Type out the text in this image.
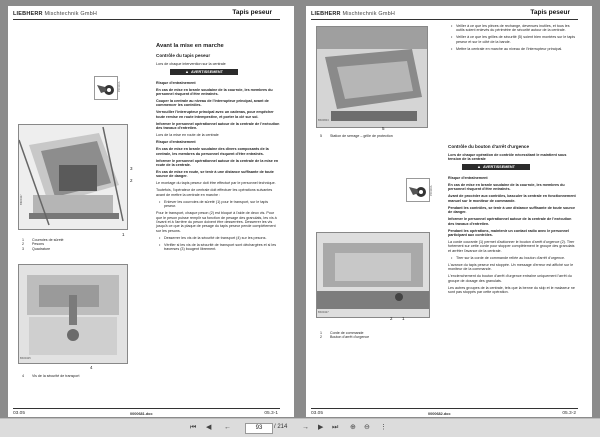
LIEBHERR Mischtechnik GmbH	Tapis peseur
BK00427
3
2
1
1 Courroies de sûreté
2 Pesons
3 Quadrature
BK00425
4
4 Vis de la sécurité de transport
P00110A
Avant la mise en marche
Contrôle du tapis peseur

Lors de chaque intervention sur la centrale

▲ AVERTISSEMENT

Risque d'entraînement

En cas de mise en branle soudaine de la courroie, les membres du personnel risquent d'être entraînés.

Couper la centrale au niveau de l'interrupteur principal, avant de commencer les contrôles.

Verrouiller l'interrupteur principal avec un cadenas, pour empêcher toute remise en route intempestive, et porter la clé sur soi.

Informer le personnel opérationnel autour de la centrale de l'exécution des travaux d'entretien.

Lors de la mise en route de la centrale

Risque d'entraînement

En cas de mise en branle soudaine des divers composants de la centrale, les membres du personnel risquent d'être entraînés.

Informer le personnel opérationnel autour de la centrale de la mise en route de la centrale.

En cas de mise en route, se tenir à une distance suffisante de toute source de danger.

Le montage du tapis peseur doit être effectué par le personnel technique.

Toutefois, l'opérateur de centrale doit effectuer les opérations suivantes avant de mettre la centrale en marche :

• Enlever les courroies de sûreté (1) pour le transport, sur le tapis peseur.

Pour le transport, chaque peson (2) est bloqué à l'aide de deux vis. Pour que le peson puisse remplir sa fonction de pesage des granulats, les vis à l'avant et à l'arrière du peson doivent être desserrées. Desserrer les vis jusqu'à ce que la plaque de pesage du tapis peseur pende complètement sur les pesons.

• Desserrer les vis de la sécurité de transport (4) sur les pesons.

• Vérifier si les vis de la sécurité de transport sont déchargées et si les traverses (3) bougent librement.

03.05	0000681.doc	05.3-1
LIEBHERR Mischtechnik GmbH	Tapis peseur
BK00604
5
5 Station de serrage – grille de protection
BK00427
2 1
1 Corde de commande
2 Bouton d'arrêt d'urgence
P00110A

• Veiller à ce que les pièces de rechange, devenues inutiles, et tous les outils soient enlevés du périmètre de sécurité autour de la centrale.

• Veiller à ce que les grilles de sécurité (5) soient bien montées sur le tapis peseur et sur le côté de la bande.

• Mettre la centrale en marche au niveau de l'interrupteur principal.

Contrôle du bouton d'arrêt d'urgence

Lors de chaque opération de contrôle nécessitant le maintient sous tension de la centrale

▲ AVERTISSEMENT

Risque d'entraînement

En cas de mise en branle soudaine de la courroie, les membres du personnel risquent d'être entraînés.

Avant de procéder aux contrôles, basculer la centrale en fonctionnement manuel sur le moniteur de commande.

Pendant les contrôles, se tenir à une distance suffisante de toute source de danger.

Informer le personnel opérationnel autour de la centrale de l'exécution des travaux d'entretien.

Pendant les opérations, maintenir un contact radio avec le personnel participant aux contrôles.

La corde courante (1) permet d'actionner le bouton d'arrêt d'urgence (2). Tirer fortement sur cette corde pour stopper complètement le groupe des granulats et arrêter l'avance de la centrale.

• Tirer sur la corde de commande reliée au bouton d'arrêt d'urgence.

L'avance du tapis peseur est stoppée. Un message d'erreur est affiché sur le moniteur de la commande.

L'enclenchement du bouton d'arrêt d'urgence entraîne uniquement l'arrêt du groupe de dosage des granulats.

Les autres groupes de la centrale, tels que la benne du skip et le malaxeur ne sont pas stoppés par cette opération.

03.05	0000682.doc	05.3-2
⏮ ◀ ←	93	/ 214 → ▶ ⏭ ⊕ ⊖ ⋮
